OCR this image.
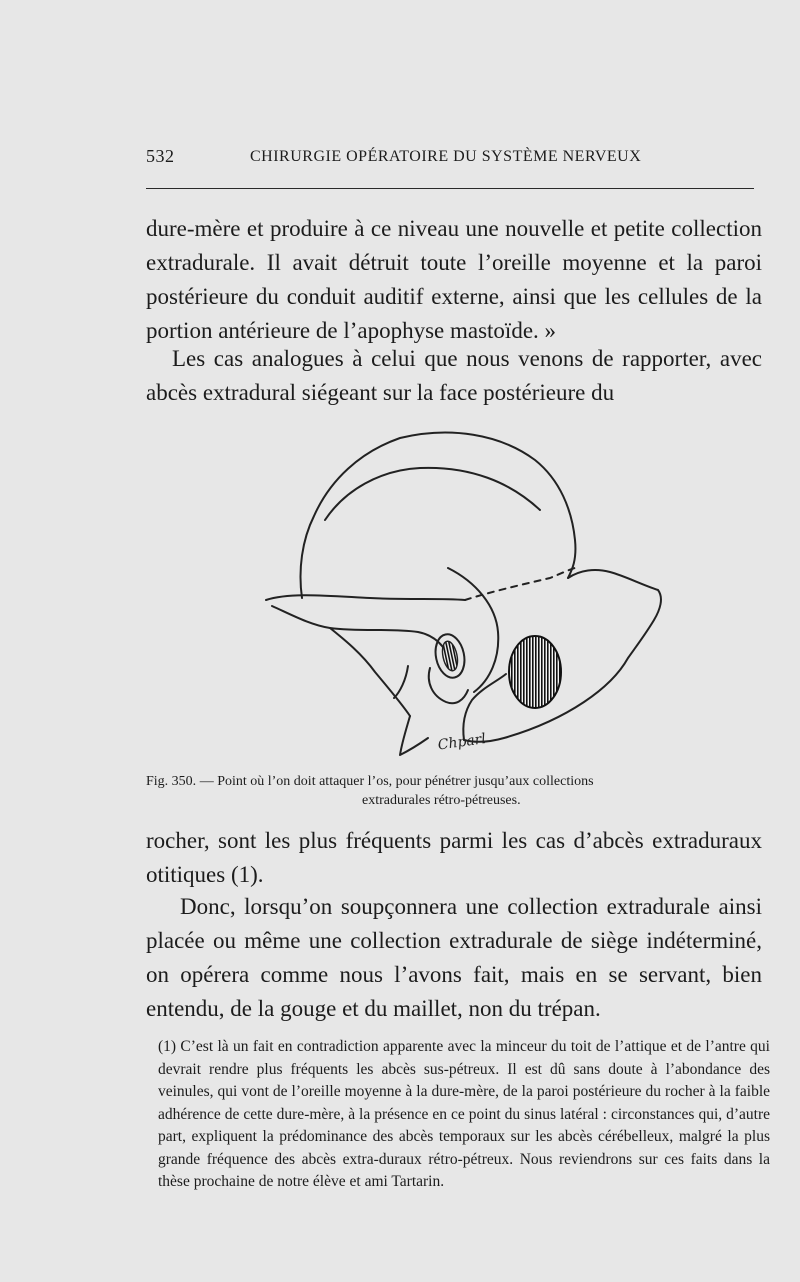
532	CHIRURGIE OPÉRATOIRE DU SYSTÈME NERVEUX

dure-mère et produire à ce niveau une nouvelle et petite collection extradurale. Il avait détruit toute l’oreille moyenne et la paroi postérieure du conduit auditif externe, ainsi que les cellules de la portion antérieure de l’apophyse mastoïde. »

Les cas analogues à celui que nous venons de rapporter, avec abcès extradural siégeant sur la face postérieure du

Chparl

Fig. 350. — Point où l’on doit attaquer l’os, pour pénétrer jusqu’aux collections
extradurales rétro-pétreuses.

rocher, sont les plus fréquents parmi les cas d’abcès extraduraux otitiques (1).

Donc, lorsqu’on soupçonnera une collection extradurale ainsi placée ou même une collection extradurale de siège indéterminé, on opérera comme nous l’avons fait, mais en se servant, bien entendu, de la gouge et du maillet, non du trépan.

(1) C’est là un fait en contradiction apparente avec la minceur du toit de l’attique et de l’antre qui devrait rendre plus fréquents les abcès sus-pétreux. Il est dû sans doute à l’abondance des veinules, qui vont de l’oreille moyenne à la dure-mère, de la paroi postérieure du rocher à la faible adhérence de cette dure-mère, à la présence en ce point du sinus latéral : circonstances qui, d’autre part, expliquent la prédominance des abcès temporaux sur les abcès cérébelleux, malgré la plus grande fréquence des abcès extra-duraux rétro-pétreux. Nous reviendrons sur ces faits dans la thèse prochaine de notre élève et ami Tartarin.
